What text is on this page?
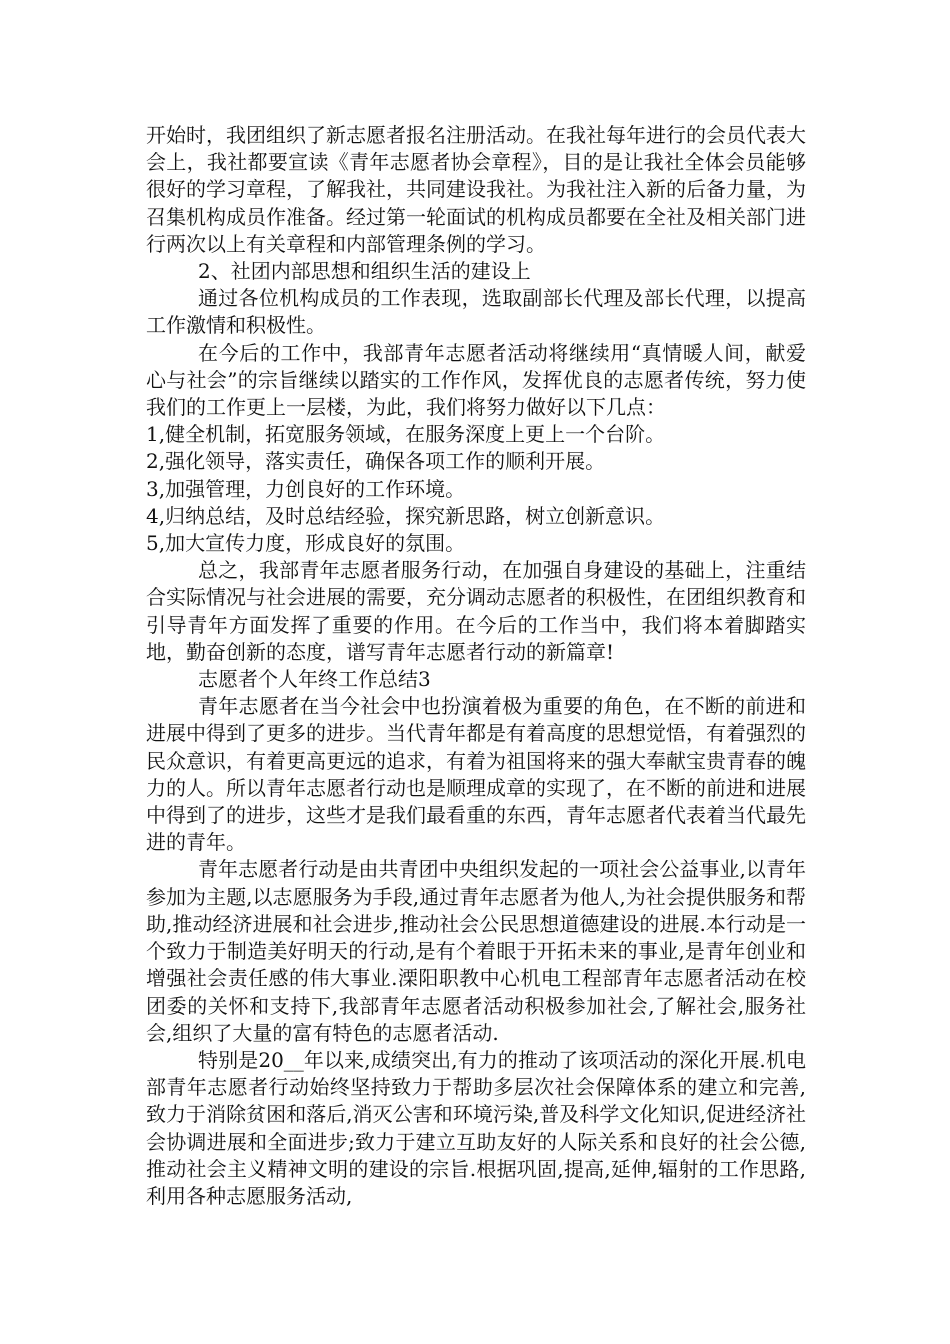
开始时，我团组织了新志愿者报名注册活动。在我社每年进行的会员代表大会上，我社都要宣读《青年志愿者协会章程》，目的是让我社全体会员能够很好的学习章程，了解我社，共同建设我社。为我社注入新的后备力量，为召集机构成员作准备。经过第一轮面试的机构成员都要在全社及相关部门进行两次以上有关章程和内部管理条例的学习。

2、社团内部思想和组织生活的建设上

通过各位机构成员的工作表现，选取副部长代理及部长代理，以提高工作激情和积极性。

在今后的工作中，我部青年志愿者活动将继续用“真情暖人间，献爱心与社会”的宗旨继续以踏实的工作作风，发挥优良的志愿者传统，努力使我们的工作更上一层楼，为此，我们将努力做好以下几点：

1,健全机制，拓宽服务领域，在服务深度上更上一个台阶。

2,强化领导，落实责任，确保各项工作的顺利开展。

3,加强管理，力创良好的工作环境。

4,归纳总结，及时总结经验，探究新思路，树立创新意识。

5,加大宣传力度，形成良好的氛围。

总之，我部青年志愿者服务行动，在加强自身建设的基础上，注重结合实际情况与社会进展的需要，充分调动志愿者的积极性，在团组织教育和引导青年方面发挥了重要的作用。在今后的工作当中，我们将本着脚踏实地，勤奋创新的态度，谱写青年志愿者行动的新篇章!

志愿者个人年终工作总结3

青年志愿者在当今社会中也扮演着极为重要的角色，在不断的前进和进展中得到了更多的进步。当代青年都是有着高度的思想觉悟，有着强烈的民众意识，有着更高更远的追求，有着为祖国将来的强大奉献宝贵青春的魄力的人。所以青年志愿者行动也是顺理成章的实现了，在不断的前进和进展中得到了的进步，这些才是我们最看重的东西，青年志愿者代表着当代最先进的青年。

青年志愿者行动是由共青团中央组织发起的一项社会公益事业,以青年参加为主题,以志愿服务为手段,通过青年志愿者为他人,为社会提供服务和帮助,推动经济进展和社会进步,推动社会公民思想道德建设的进展.本行动是一个致力于制造美好明天的行动,是有个着眼于开拓未来的事业,是青年创业和增强社会责任感的伟大事业.溧阳职教中心机电工程部青年志愿者活动在校团委的关怀和支持下,我部青年志愿者活动积极参加社会,了解社会,服务社会,组织了大量的富有特色的志愿者活动.

特别是20__年以来,成绩突出,有力的推动了该项活动的深化开展.机电部青年志愿者行动始终坚持致力于帮助多层次社会保障体系的建立和完善,致力于消除贫困和落后,消灭公害和环境污染,普及科学文化知识,促进经济社会协调进展和全面进步;致力于建立互助友好的人际关系和良好的社会公德,推动社会主义精神文明的建设的宗旨.根据巩固,提高,延伸,辐射的工作思路,利用各种志愿服务活动,
